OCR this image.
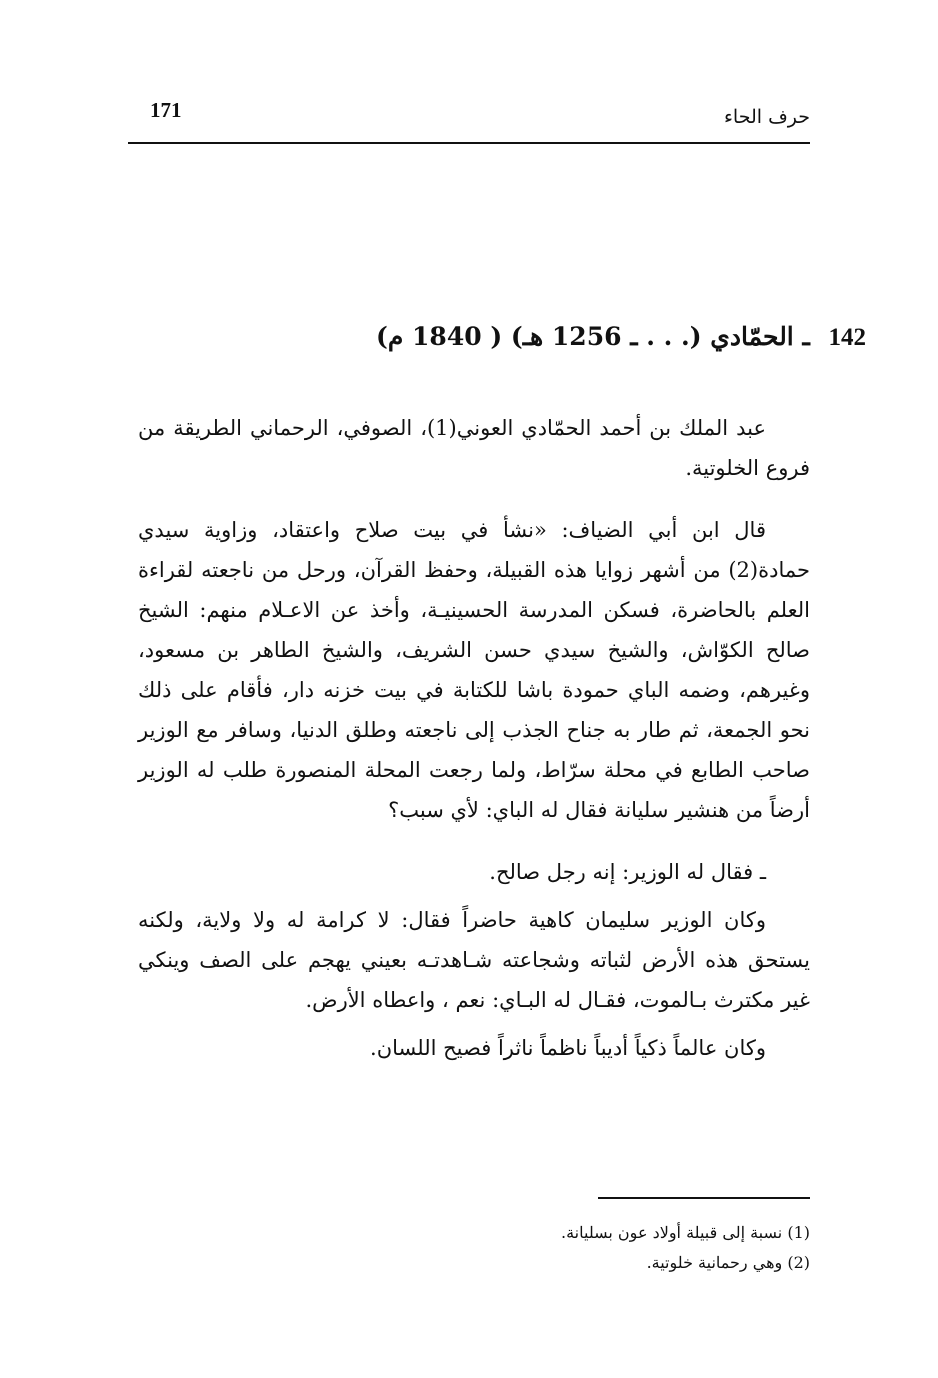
171	حرف الحاء
142 ـ الحمّادي (. . . ـ 1256 هـ) ( 1840 م)

عبد الملك بن أحمد الحمّادي العوني(1)، الصوفي، الرحماني الطريقة من فروع الخلوتية.

قال ابن أبي الضياف: «نشأ في بيت صلاح واعتقاد، وزاوية سيدي حمادة(2) من أشهر زوايا هذه القبيلة، وحفظ القرآن، ورحل من ناجعته لقراءة العلم بالحاضرة، فسكن المدرسة الحسينيـة، وأخذ عن الاعـلام منهم: الشيخ صالح الكوّاش، والشيخ سيدي حسن الشريف، والشيخ الطاهر بن مسعود، وغيرهم، وضمه الباي حمودة باشا للكتابة في بيت خزنه دار، فأقام على ذلك نحو الجمعة، ثم طار به جناح الجذب إلى ناجعته وطلق الدنيا، وسافر مع الوزير صاحب الطابع في محلة سرّاط، ولما رجعت المحلة المنصورة طلب له الوزير أرضاً من هنشير سليانة فقال له الباي: لأي سبب؟

ـ فقال له الوزير: إنه رجل صالح.

وكان الوزير سليمان كاهية حاضراً فقال: لا كرامة له ولا ولاية، ولكنه يستحق هذه الأرض لثباته وشجاعته شـاهدتـه بعيني يهجم على الصف وينكي غير مكترث بـالموت، فقـال له البـاي: نعم ، واعطاه الأرض.

وكان عالماً ذكياً أديباً ناظماً ناثراً فصيح اللسان.

(1) نسبة إلى قبيلة أولاد عون بسليانة.

(2) وهي رحمانية خلوتية.
